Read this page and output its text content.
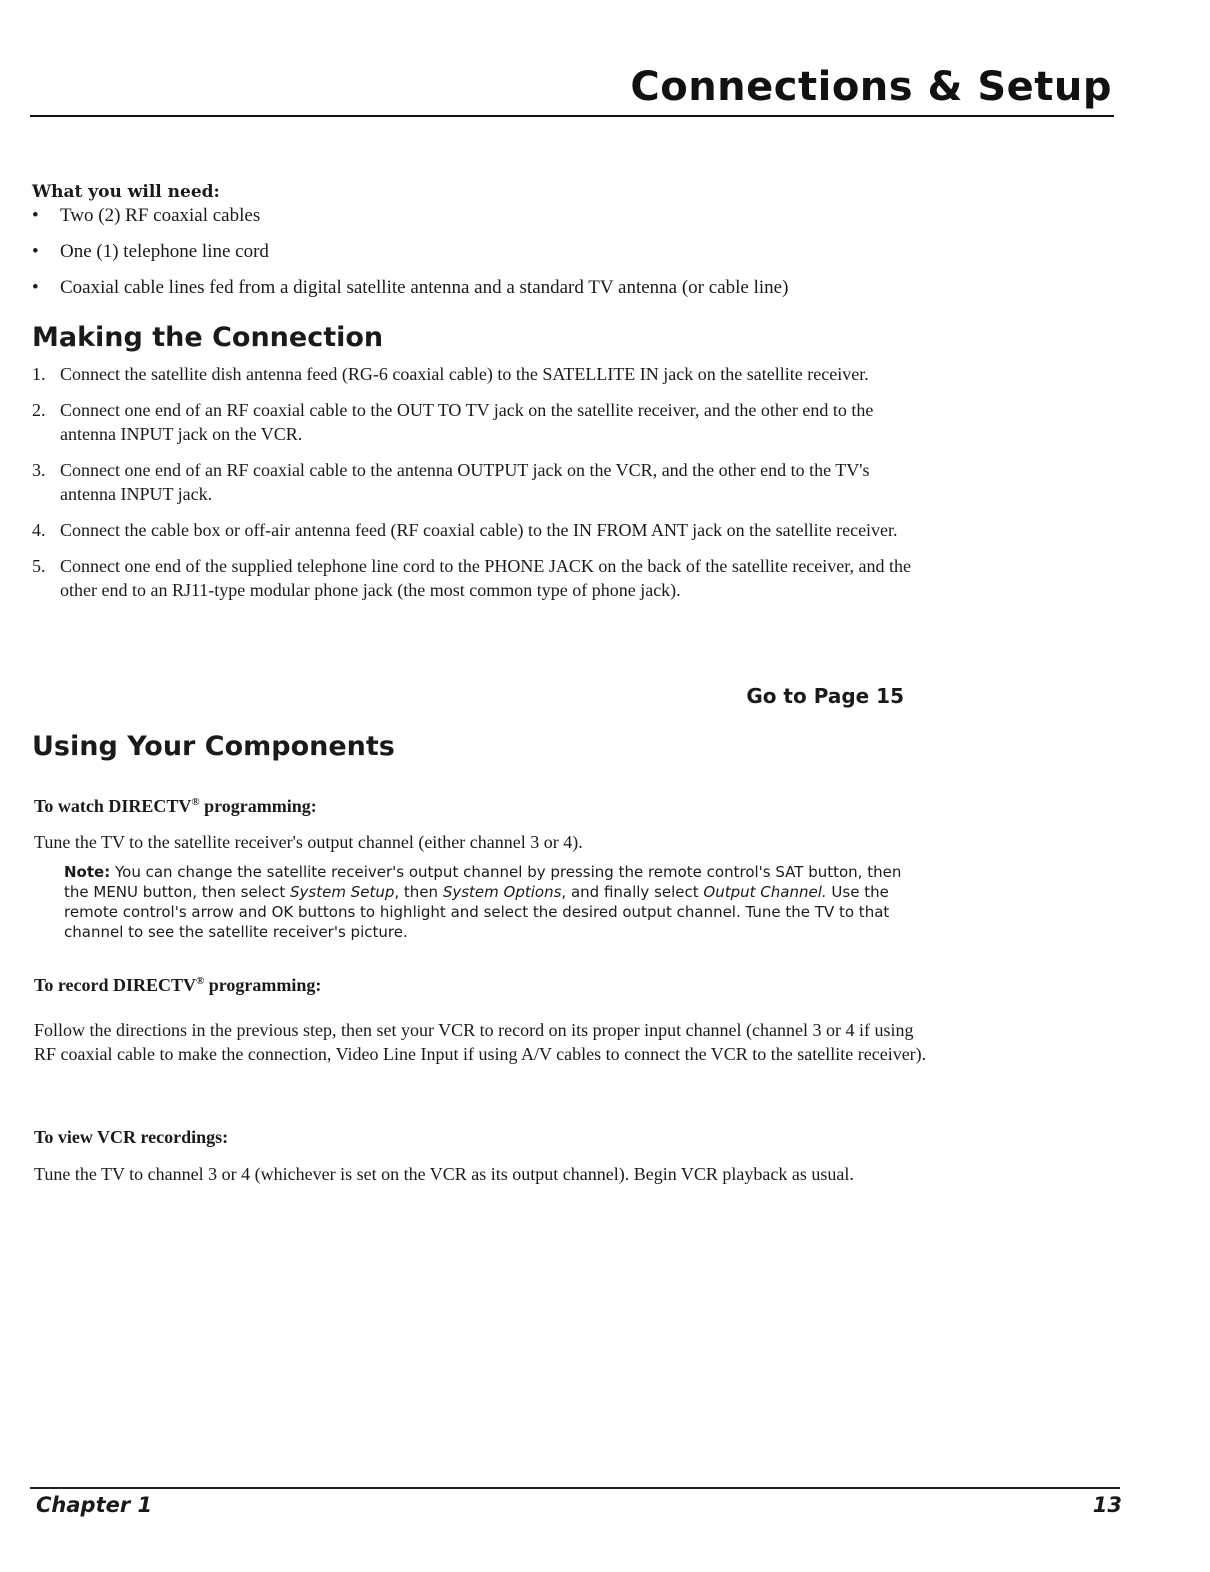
Connections & Setup
What you will need:
• Two (2) RF coaxial cables
• One (1) telephone line cord
• Coaxial cable lines fed from a digital satellite antenna and a standard TV antenna (or cable line)
Making the Connection
1. Connect the satellite dish antenna feed (RG-6 coaxial cable) to the SATELLITE IN jack on the satellite receiver.
2. Connect one end of an RF coaxial cable to the OUT TO TV jack on the satellite receiver, and the other end to the antenna INPUT jack on the VCR.
3. Connect one end of an RF coaxial cable to the antenna OUTPUT jack on the VCR, and the other end to the TV's antenna INPUT jack.
4. Connect the cable box or off-air antenna feed (RF coaxial cable) to the IN FROM ANT jack on the satellite receiver.
5. Connect one end of the supplied telephone line cord to the PHONE JACK on the back of the satellite receiver, and the other end to an RJ11-type modular phone jack (the most common type of phone jack).
Go to Page 15
Using Your Components
To watch DIRECTV® programming:
Tune the TV to the satellite receiver's output channel (either channel 3 or 4).
Note: You can change the satellite receiver's output channel by pressing the remote control's SAT button, then the MENU button, then select System Setup, then System Options, and finally select Output Channel. Use the remote control's arrow and OK buttons to highlight and select the desired output channel. Tune the TV to that channel to see the satellite receiver's picture.
To record DIRECTV® programming:
Follow the directions in the previous step, then set your VCR to record on its proper input channel (channel 3 or 4 if using RF coaxial cable to make the connection, Video Line Input if using A/V cables to connect the VCR to the satellite receiver).
To view VCR recordings:
Tune the TV to channel 3 or 4 (whichever is set on the VCR as its output channel). Begin VCR playback as usual.
Chapter 1	13
